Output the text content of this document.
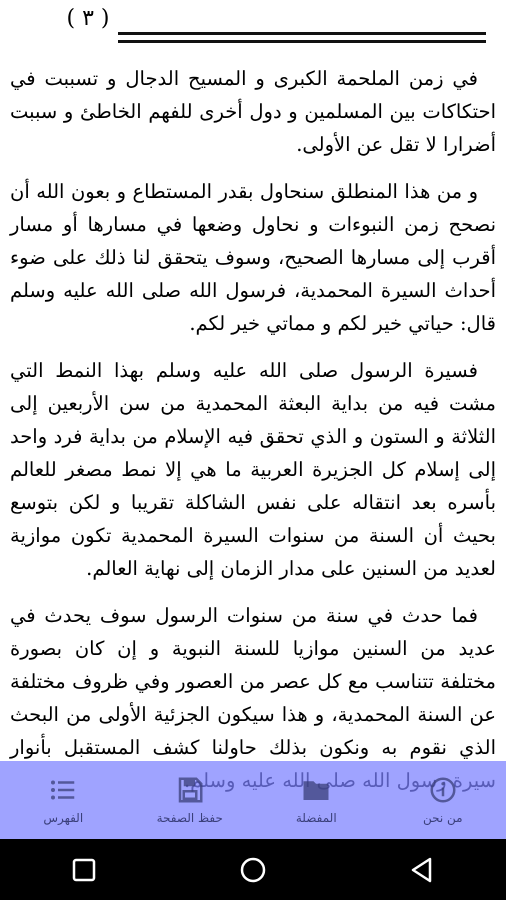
( ٣ )

في زمن الملحمة الكبرى و المسيح الدجال و تسببت في احتكاكات بين المسلمين و دول أخرى للفهم الخاطئ و سببت أضرارا لا تقل عن الأولى.

و من هذا المنطلق سنحاول بقدر المستطاع و بعون الله أن نصحح زمن النبوءات و نحاول وضعها في مسارها أو مسار أقرب إلى مسارها الصحيح، وسوف يتحقق لنا ذلك على ضوء أحداث السيرة المحمدية، فرسول الله صلى الله عليه وسلم قال: حياتي خير لكم و مماتي خير لكم.

فسيرة الرسول صلى الله عليه وسلم بهذا النمط التي مشت فيه من بداية البعثة المحمدية من سن الأربعين إلى الثلاثة و الستون و الذي تحقق فيه الإسلام من بداية فرد واحد إلى إسلام كل الجزيرة العربية ما هي إلا نمط مصغر للعالم بأسره بعد انتقاله على نفس الشاكلة تقريبا و لكن بتوسع بحيث أن السنة من سنوات السيرة المحمدية تكون موازية لعديد من السنين على مدار الزمان إلى نهاية العالم.

فما حدث في سنة من سنوات الرسول سوف يحدث في عديد من السنين موازيا للسنة النبوية و إن كان بصورة مختلفة تتناسب مع كل عصر من العصور وفي ظروف مختلفة عن السنة المحمدية، و هذا سيكون الجزئية الأولى من البحث الذي نقوم به ونكون بذلك حاولنا كشف المستقبل بأنوار

الفهرس	حفظ الصفحة	المفضلة	من نحن
